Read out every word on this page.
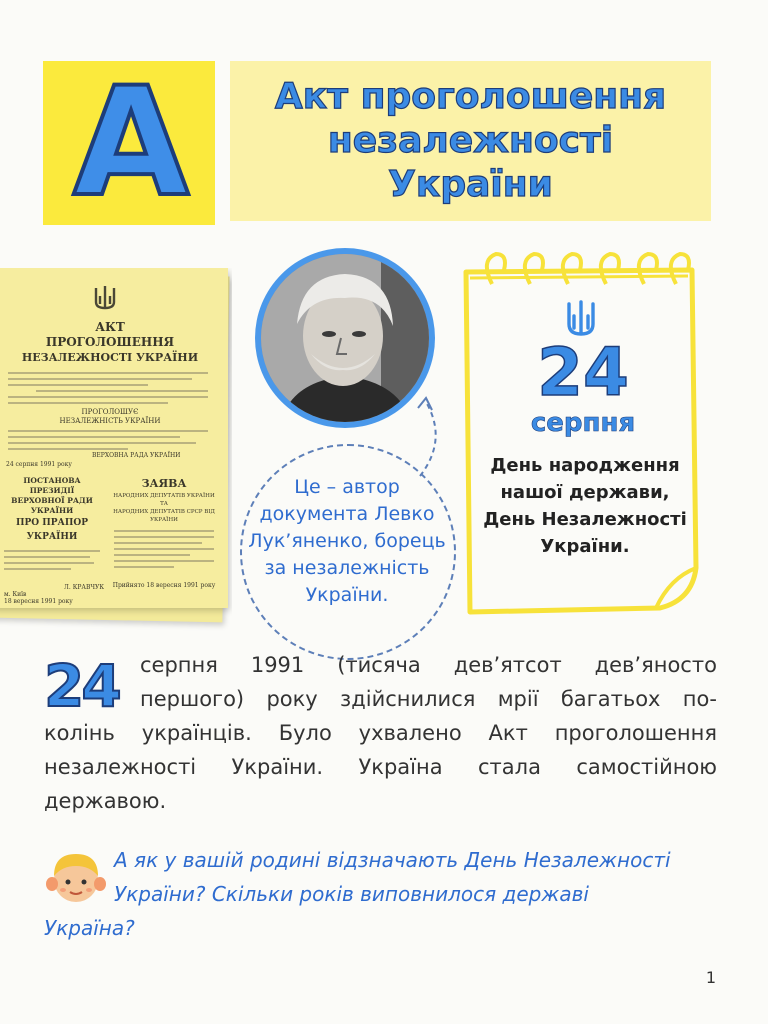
А	Акт проголошення
незалежності
України
АКТ
ПРОГОЛОШЕННЯ
НЕЗАЛЕЖНОСТІ УКРАЇНИ
ПРОГОЛОШУЄ
НЕЗАЛЕЖНІСТЬ УКРАЇНИ
ВЕРХОВНА РАДА УКРАЇНИ
24 серпня 1991 року
ПОСТАНОВА ПРЕЗИДІЇ
ВЕРХОВНОЇ РАДИ УКРАЇНИ
ПРО ПРАПОР УКРАЇНИ
Л. КРАВЧУК
м. Київ
18 вересня 1991 року
ЗАЯВА
НАРОДНИХ ДЕПУТАТІВ УКРАЇНИ ТА
НАРОДНИХ ДЕПУТАТІВ СРСР ВІД УКРАЇНИ
Прийнято 18 вересня 1991 року
Це – автор
документа Левко
Лук’яненко, борець
за незалежність
України.
24
серпня
День народження
нашої держави,
День Незалежності
України.
24	серпня 1991 (тисяча дев’ятсот дев’яносто
першого) року здійснилися мрії багатьох по-
колінь українців. Було ухвалено Акт проголошення
незалежності України. Україна стала самостійною
державою.
А як у вашій родині відзначають День Незалежності
України? Скільки років виповнилося державі
Україна?
1
